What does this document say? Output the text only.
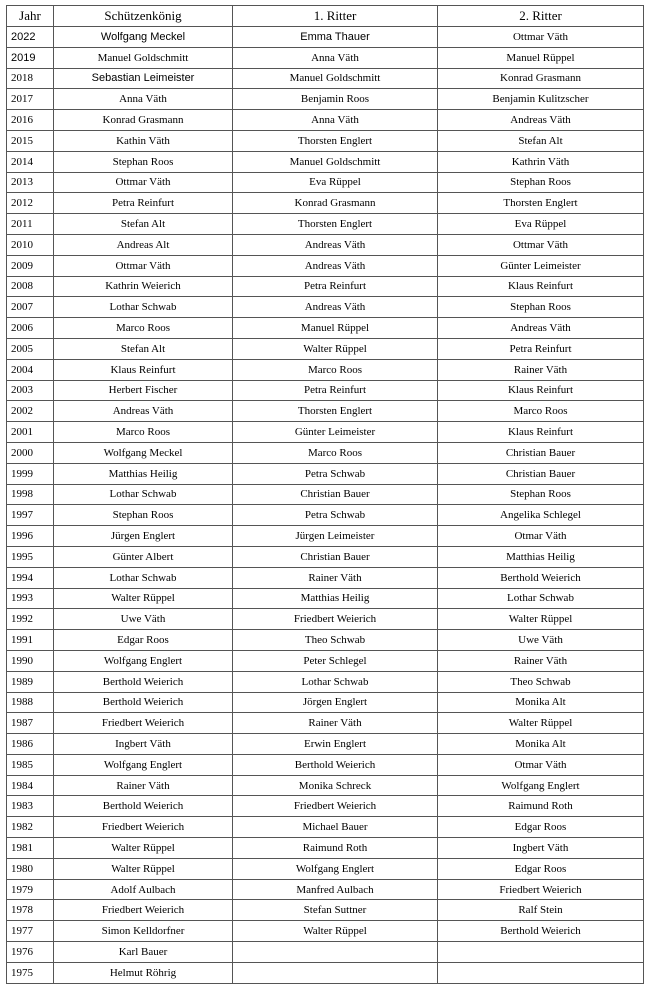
Jahr	Schützenkönig	1. Ritter	2. Ritter
2022	Wolfgang Meckel	Emma Thauer	Ottmar Väth
2019	Manuel Goldschmitt	Anna Väth	Manuel Rüppel
2018	Sebastian Leimeister	Manuel Goldschmitt	Konrad Grasmann
2017	Anna Väth	Benjamin Roos	Benjamin Kulitzscher
2016	Konrad Grasmann	Anna Väth	Andreas Väth
2015	Kathin Väth	Thorsten Englert	Stefan Alt
2014	Stephan Roos	Manuel Goldschmitt	Kathrin Väth
2013	Ottmar Väth	Eva Rüppel	Stephan Roos
2012	Petra Reinfurt	Konrad Grasmann	Thorsten Englert
2011	Stefan Alt	Thorsten Englert	Eva Rüppel
2010	Andreas Alt	Andreas Väth	Ottmar Väth
2009	Ottmar Väth	Andreas Väth	Günter Leimeister
2008	Kathrin Weierich	Petra Reinfurt	Klaus Reinfurt
2007	Lothar Schwab	Andreas Väth	Stephan Roos
2006	Marco Roos	Manuel Rüppel	Andreas Väth
2005	Stefan Alt	Walter Rüppel	Petra Reinfurt
2004	Klaus Reinfurt	Marco Roos	Rainer Väth
2003	Herbert Fischer	Petra Reinfurt	Klaus Reinfurt
2002	Andreas Väth	Thorsten Englert	Marco Roos
2001	Marco Roos	Günter Leimeister	Klaus Reinfurt
2000	Wolfgang Meckel	Marco Roos	Christian Bauer
1999	Matthias Heilig	Petra Schwab	Christian Bauer
1998	Lothar Schwab	Christian Bauer	Stephan Roos
1997	Stephan Roos	Petra Schwab	Angelika Schlegel
1996	Jürgen Englert	Jürgen Leimeister	Otmar Väth
1995	Günter Albert	Christian Bauer	Matthias Heilig
1994	Lothar Schwab	Rainer Väth	Berthold Weierich
1993	Walter Rüppel	Matthias Heilig	Lothar Schwab
1992	Uwe Väth	Friedbert Weierich	Walter Rüppel
1991	Edgar Roos	Theo Schwab	Uwe Väth
1990	Wolfgang Englert	Peter Schlegel	Rainer Väth
1989	Berthold Weierich	Lothar Schwab	Theo Schwab
1988	Berthold Weierich	Jörgen Englert	Monika Alt
1987	Friedbert Weierich	Rainer Väth	Walter Rüppel
1986	Ingbert Väth	Erwin Englert	Monika Alt
1985	Wolfgang Englert	Berthold Weierich	Otmar Väth
1984	Rainer Väth	Monika Schreck	Wolfgang Englert
1983	Berthold Weierich	Friedbert Weierich	Raimund Roth
1982	Friedbert Weierich	Michael Bauer	Edgar Roos
1981	Walter Rüppel	Raimund Roth	Ingbert Väth
1980	Walter Rüppel	Wolfgang Englert	Edgar Roos
1979	Adolf Aulbach	Manfred Aulbach	Friedbert Weierich
1978	Friedbert Weierich	Stefan Suttner	Ralf Stein
1977	Simon Kelldorfner	Walter Rüppel	Berthold Weierich
1976	Karl Bauer		
1975	Helmut Röhrig		
